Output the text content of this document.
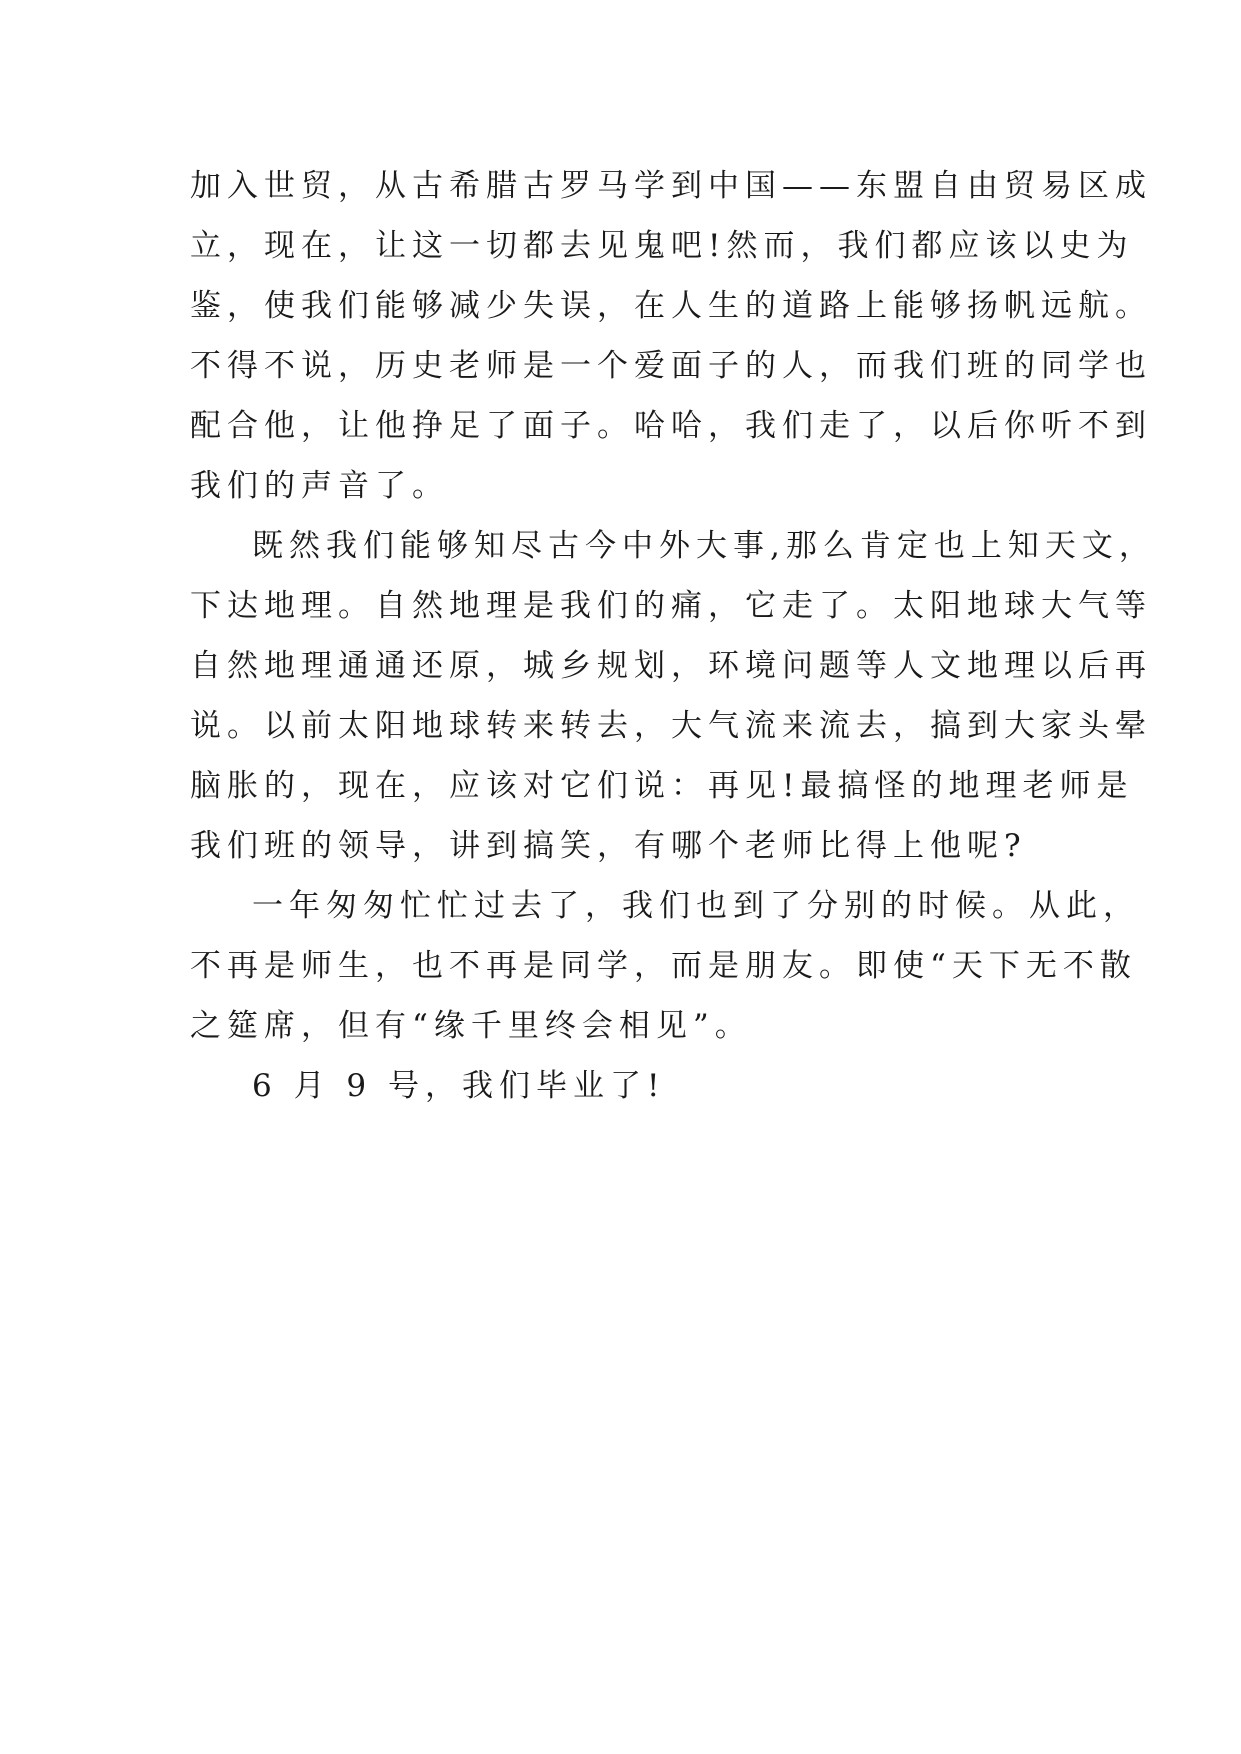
加入世贸，从古希腊古罗马学到中国——东盟自由贸易区成
立，现在，让这一切都去见鬼吧!然而，我们都应该以史为
鉴，使我们能够减少失误，在人生的道路上能够扬帆远航。
不得不说，历史老师是一个爱面子的人，而我们班的同学也
配合他，让他挣足了面子。哈哈，我们走了，以后你听不到
我们的声音了。
既然我们能够知尽古今中外大事,那么肯定也上知天文，
下达地理。自然地理是我们的痛，它走了。太阳地球大气等
自然地理通通还原，城乡规划，环境问题等人文地理以后再
说。以前太阳地球转来转去，大气流来流去，搞到大家头晕
脑胀的，现在，应该对它们说：再见!最搞怪的地理老师是
我们班的领导，讲到搞笑，有哪个老师比得上他呢?
一年匆匆忙忙过去了，我们也到了分别的时候。从此，
不再是师生，也不再是同学，而是朋友。即使“天下无不散
之筵席，但有“缘千里终会相见”。
6 月 9 号，我们毕业了!
